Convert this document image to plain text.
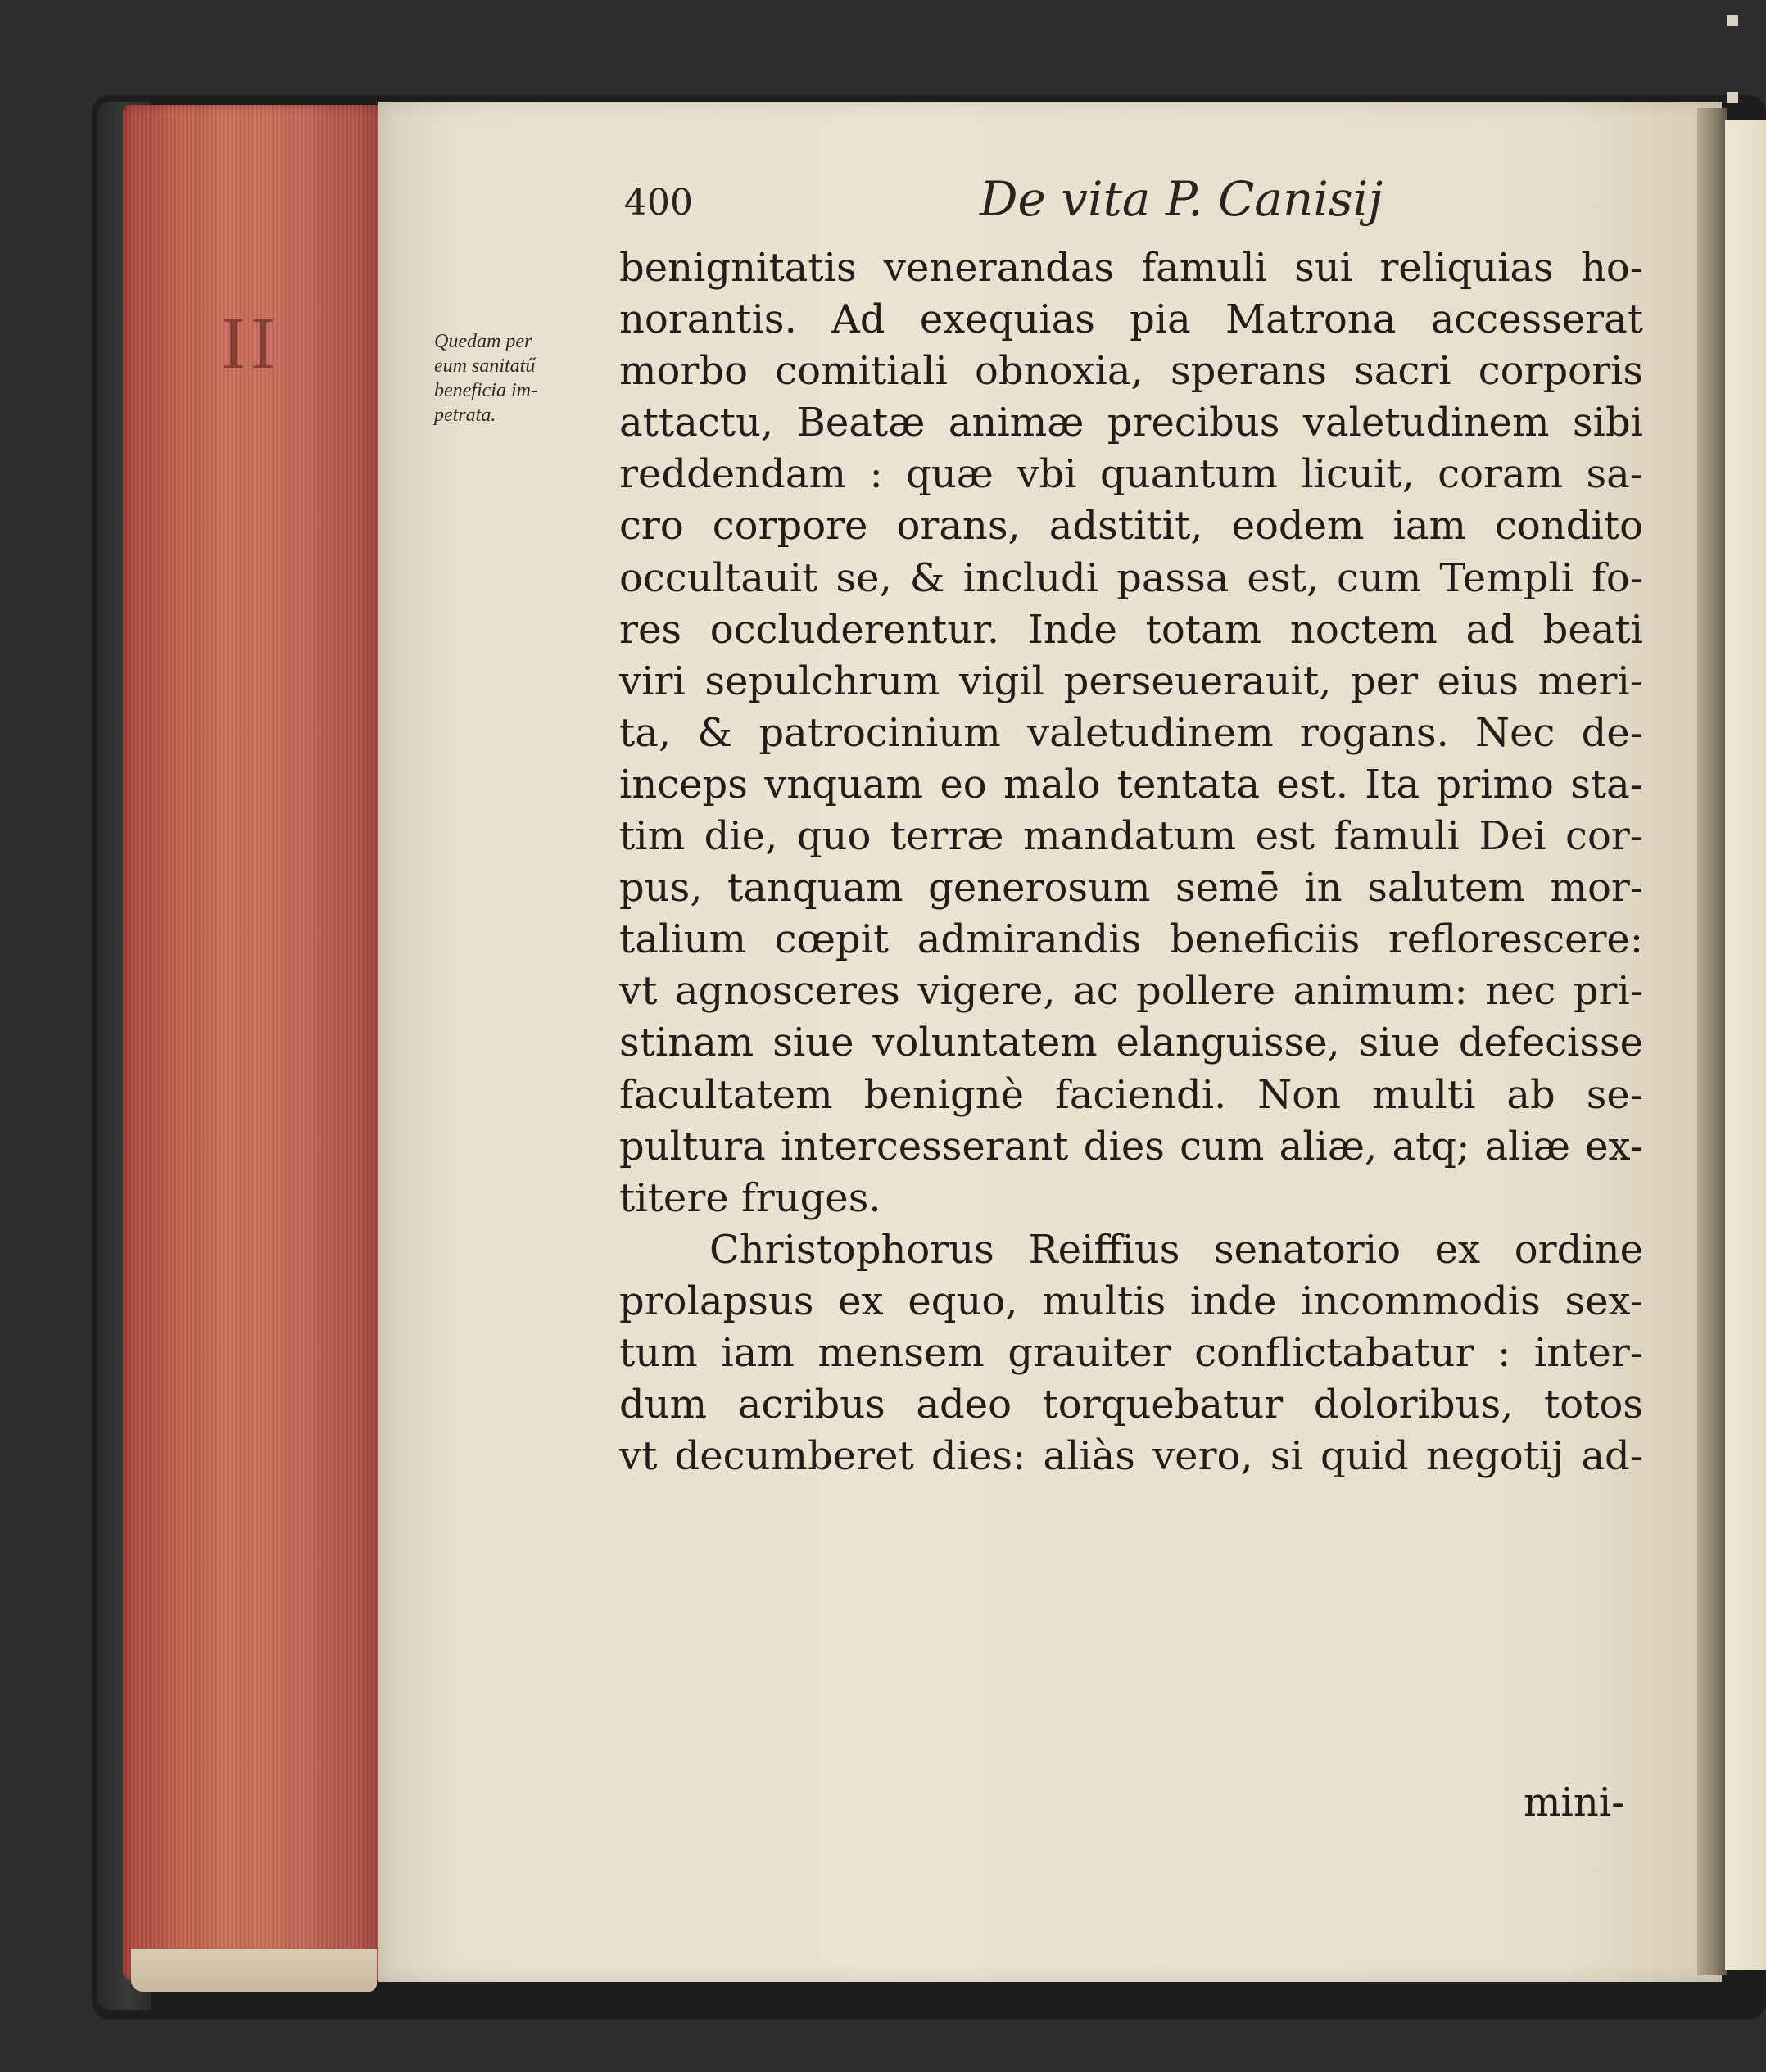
II
400	De vita P. Canisij
Quedam per
eum sanitatű
beneficia im-
petrata.
benignitatis venerandas famuli sui reliquias ho-
norantis. Ad exequias pia Matrona accesserat
morbo comitiali obnoxia, sperans sacri corporis
attactu, Beatæ animæ precibus valetudinem sibi
reddendam : quæ vbi quantum licuit, coram sa-
cro corpore orans, adstitit, eodem iam condito
occultauit se, & includi passa est, cum Templi fo-
res occluderentur. Inde totam noctem ad beati
viri sepulchrum vigil perseuerauit, per eius meri-
ta, & patrocinium valetudinem rogans. Nec de-
inceps vnquam eo malo tentata est. Ita primo sta-
tim die, quo terræ mandatum est famuli Dei cor-
pus, tanquam generosum semē in salutem mor-
talium cœpit admirandis beneficiis reflorescere:
vt agnosceres vigere, ac pollere animum: nec pri-
stinam siue voluntatem elanguisse, siue defecisse
facultatem benignè faciendi. Non multi ab se-
pultura intercesserant dies cum aliæ, atq; aliæ ex-
titere fruges.
Christophorus Reiffius senatorio ex ordine
prolapsus ex equo, multis inde incommodis sex-
tum iam mensem grauiter conflictabatur : inter-
dum acribus adeo torquebatur doloribus, totos
vt decumberet dies: aliàs vero, si quid negotij ad-
mini-
